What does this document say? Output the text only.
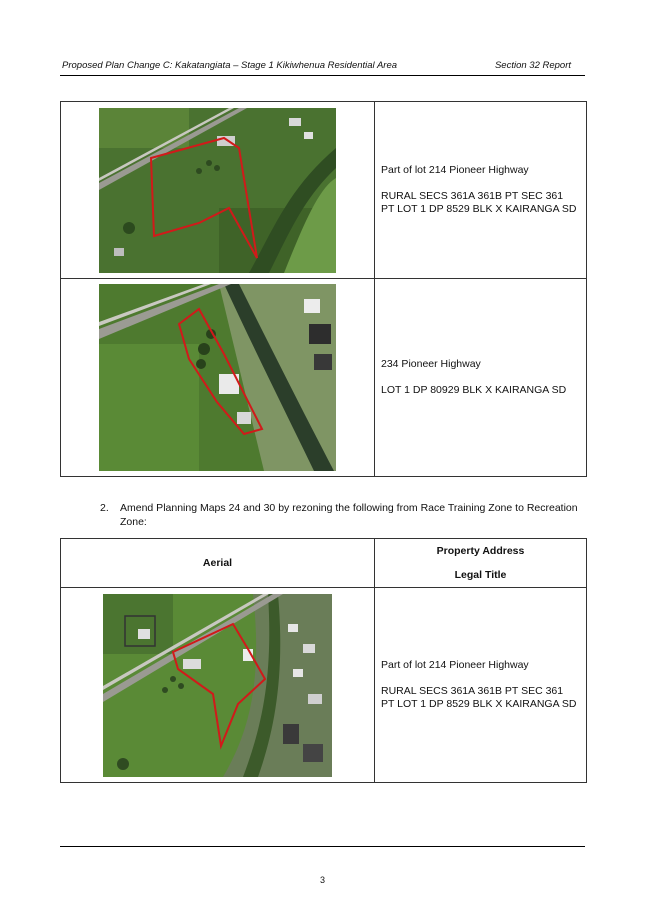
Proposed Plan Change C: Kakatangiata – Stage 1 Kikiwhenua Residential Area	Section 32 Report

Part of lot 214 Pioneer Highway

RURAL SECS 361A 361B PT SEC 361 PT LOT 1 DP 8529 BLK X KAIRANGA SD

234 Pioneer Highway

LOT 1 DP 80929 BLK X KAIRANGA SD

2. Amend Planning Maps 24 and 30 by rezoning the following from Race Training Zone to Recreation Zone:
Aerial	Property Address
Legal Title

Part of lot 214 Pioneer Highway

RURAL SECS 361A 361B PT SEC 361 PT LOT 1 DP 8529 BLK X KAIRANGA SD

3
